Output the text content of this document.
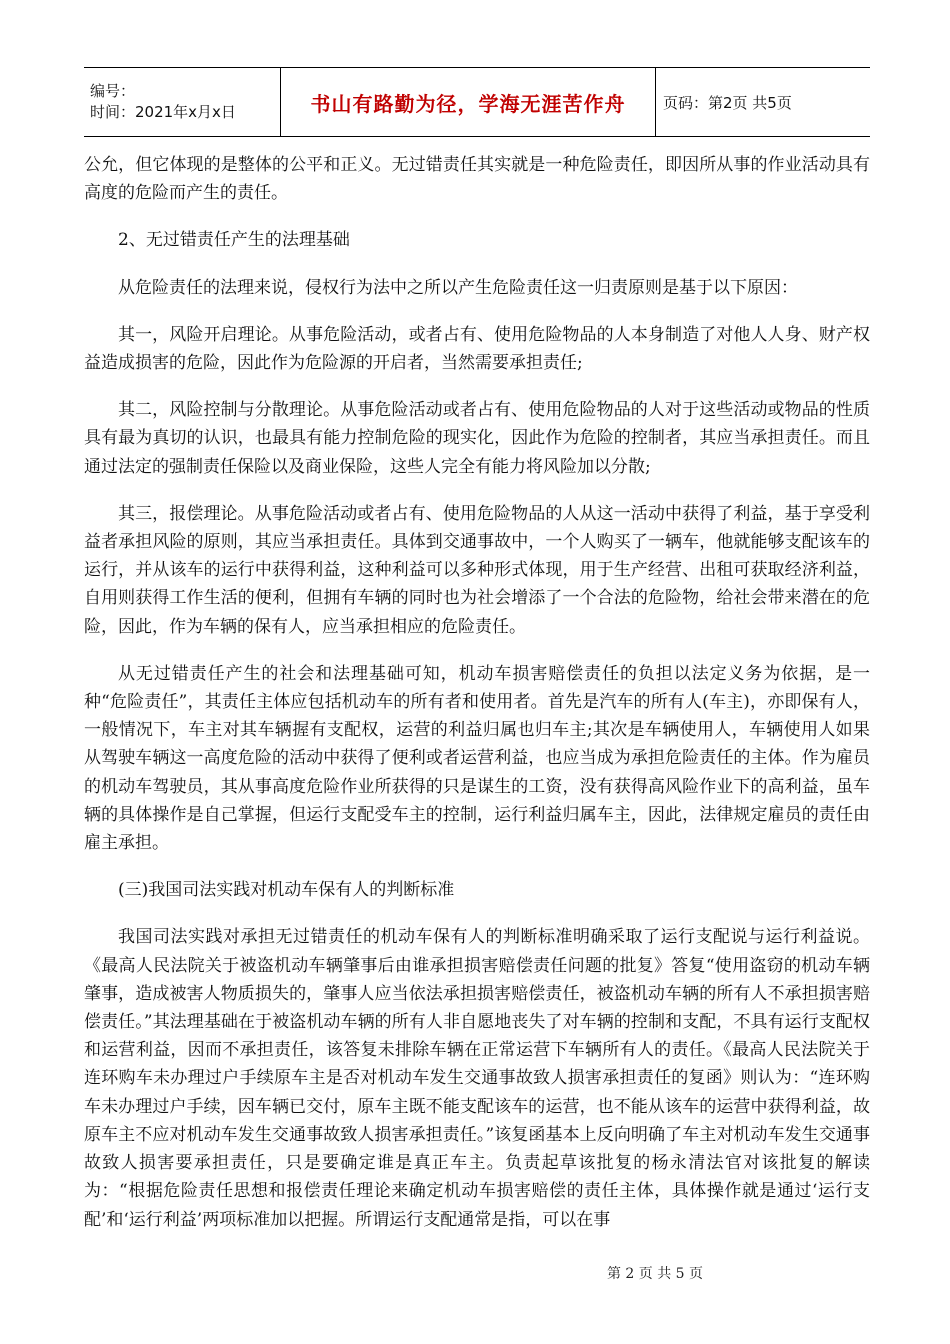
编号：
时间：2021年x月x日	书山有路勤为径，学海无涯苦作舟	页码：第2页 共5页

公允，但它体现的是整体的公平和正义。无过错责任其实就是一种危险责任，即因所从事的作业活动具有高度的危险而产生的责任。

2、无过错责任产生的法理基础

从危险责任的法理来说，侵权行为法中之所以产生危险责任这一归责原则是基于以下原因：

其一，风险开启理论。从事危险活动，或者占有、使用危险物品的人本身制造了对他人人身、财产权益造成损害的危险，因此作为危险源的开启者，当然需要承担责任;

其二，风险控制与分散理论。从事危险活动或者占有、使用危险物品的人对于这些活动或物品的性质具有最为真切的认识，也最具有能力控制危险的现实化，因此作为危险的控制者，其应当承担责任。而且通过法定的强制责任保险以及商业保险，这些人完全有能力将风险加以分散;

其三，报偿理论。从事危险活动或者占有、使用危险物品的人从这一活动中获得了利益，基于享受利益者承担风险的原则，其应当承担责任。具体到交通事故中，一个人购买了一辆车，他就能够支配该车的运行，并从该车的运行中获得利益，这种利益可以多种形式体现，用于生产经营、出租可获取经济利益，自用则获得工作生活的便利，但拥有车辆的同时也为社会增添了一个合法的危险物，给社会带来潜在的危险，因此，作为车辆的保有人，应当承担相应的危险责任。

从无过错责任产生的社会和法理基础可知，机动车损害赔偿责任的负担以法定义务为依据，是一种“危险责任”，其责任主体应包括机动车的所有者和使用者。首先是汽车的所有人(车主)，亦即保有人，一般情况下，车主对其车辆握有支配权，运营的利益归属也归车主;其次是车辆使用人，车辆使用人如果从驾驶车辆这一高度危险的活动中获得了便利或者运营利益，也应当成为承担危险责任的主体。作为雇员的机动车驾驶员，其从事高度危险作业所获得的只是谋生的工资，没有获得高风险作业下的高利益，虽车辆的具体操作是自己掌握，但运行支配受车主的控制，运行利益归属车主，因此，法律规定雇员的责任由雇主承担。

(三)我国司法实践对机动车保有人的判断标准

我国司法实践对承担无过错责任的机动车保有人的判断标准明确采取了运行支配说与运行利益说。《最高人民法院关于被盗机动车辆肇事后由谁承担损害赔偿责任问题的批复》答复“使用盗窃的机动车辆肇事，造成被害人物质损失的，肇事人应当依法承担损害赔偿责任，被盗机动车辆的所有人不承担损害赔偿责任。”其法理基础在于被盗机动车辆的所有人非自愿地丧失了对车辆的控制和支配，不具有运行支配权和运营利益，因而不承担责任，该答复未排除车辆在正常运营下车辆所有人的责任。《最高人民法院关于连环购车未办理过户手续原车主是否对机动车发生交通事故致人损害承担责任的复函》则认为：“连环购车未办理过户手续，因车辆已交付，原车主既不能支配该车的运营，也不能从该车的运营中获得利益，故原车主不应对机动车发生交通事故致人损害承担责任。”该复函基本上反向明确了车主对机动车发生交通事故致人损害要承担责任，只是要确定谁是真正车主。负责起草该批复的杨永清法官对该批复的解读为：“根据危险责任思想和报偿责任理论来确定机动车损害赔偿的责任主体，具体操作就是通过‘运行支配’和‘运行利益’两项标准加以把握。所谓运行支配通常是指，可以在事

第 2 页 共 5 页
